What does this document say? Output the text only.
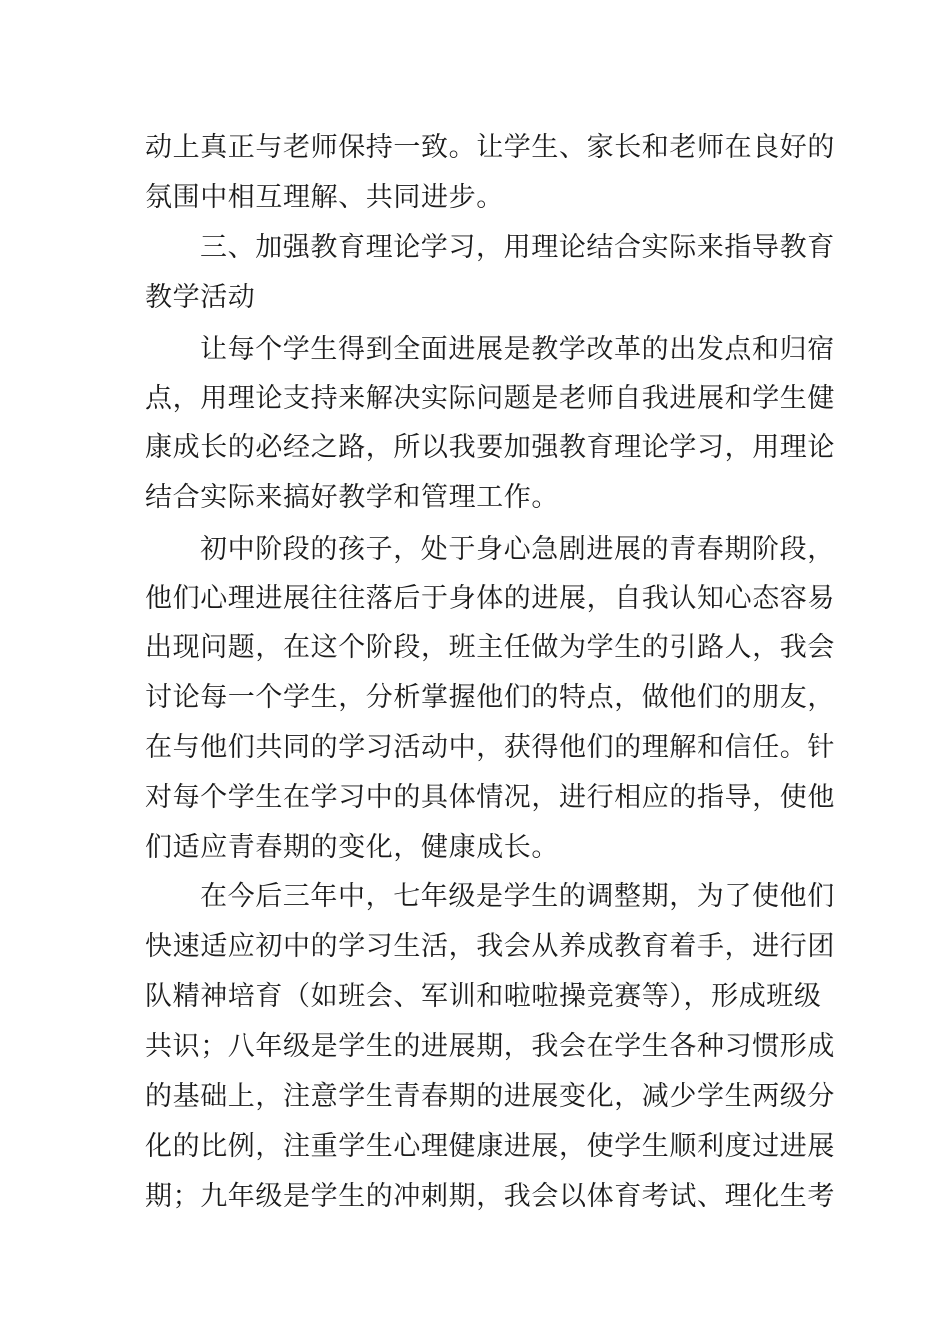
动上真正与老师保持一致。让学生、家长和老师在良好的
氛围中相互理解、共同进步。
三、加强教育理论学习，用理论结合实际来指导教育
教学活动
让每个学生得到全面进展是教学改革的出发点和归宿
点，用理论支持来解决实际问题是老师自我进展和学生健
康成长的必经之路，所以我要加强教育理论学习，用理论
结合实际来搞好教学和管理工作。
初中阶段的孩子，处于身心急剧进展的青春期阶段，
他们心理进展往往落后于身体的进展，自我认知心态容易
出现问题，在这个阶段，班主任做为学生的引路人，我会
讨论每一个学生，分析掌握他们的特点，做他们的朋友，
在与他们共同的学习活动中，获得他们的理解和信任。针
对每个学生在学习中的具体情况，进行相应的指导，使他
们适应青春期的变化，健康成长。
在今后三年中，七年级是学生的调整期，为了使他们
快速适应初中的学习生活，我会从养成教育着手，进行团
队精神培育（如班会、军训和啦啦操竞赛等），形成班级
共识；八年级是学生的进展期，我会在学生各种习惯形成
的基础上，注意学生青春期的进展变化，减少学生两级分
化的比例，注重学生心理健康进展，使学生顺利度过进展
期；九年级是学生的冲刺期，我会以体育考试、理化生考
